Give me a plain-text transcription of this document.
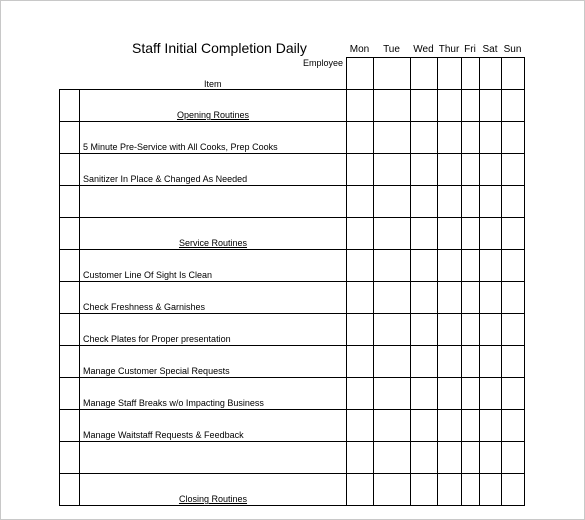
Staff Initial Completion Daily
Employee
Item
Mon	Tue	Wed Thur Fri Sat Sun

	Opening Routines							
	5 Minute Pre-Service with All Cooks, Prep Cooks							
	Sanitizer In Place & Changed As Needed							

	Service Routines							
	Customer Line Of Sight Is Clean							
	Check Freshness & Garnishes							
	Check Plates for Proper presentation							
	Manage Customer Special Requests							
	Manage Staff Breaks w/o Impacting Business							
	Manage Waitstaff Requests & Feedback							

	Closing Routines							
